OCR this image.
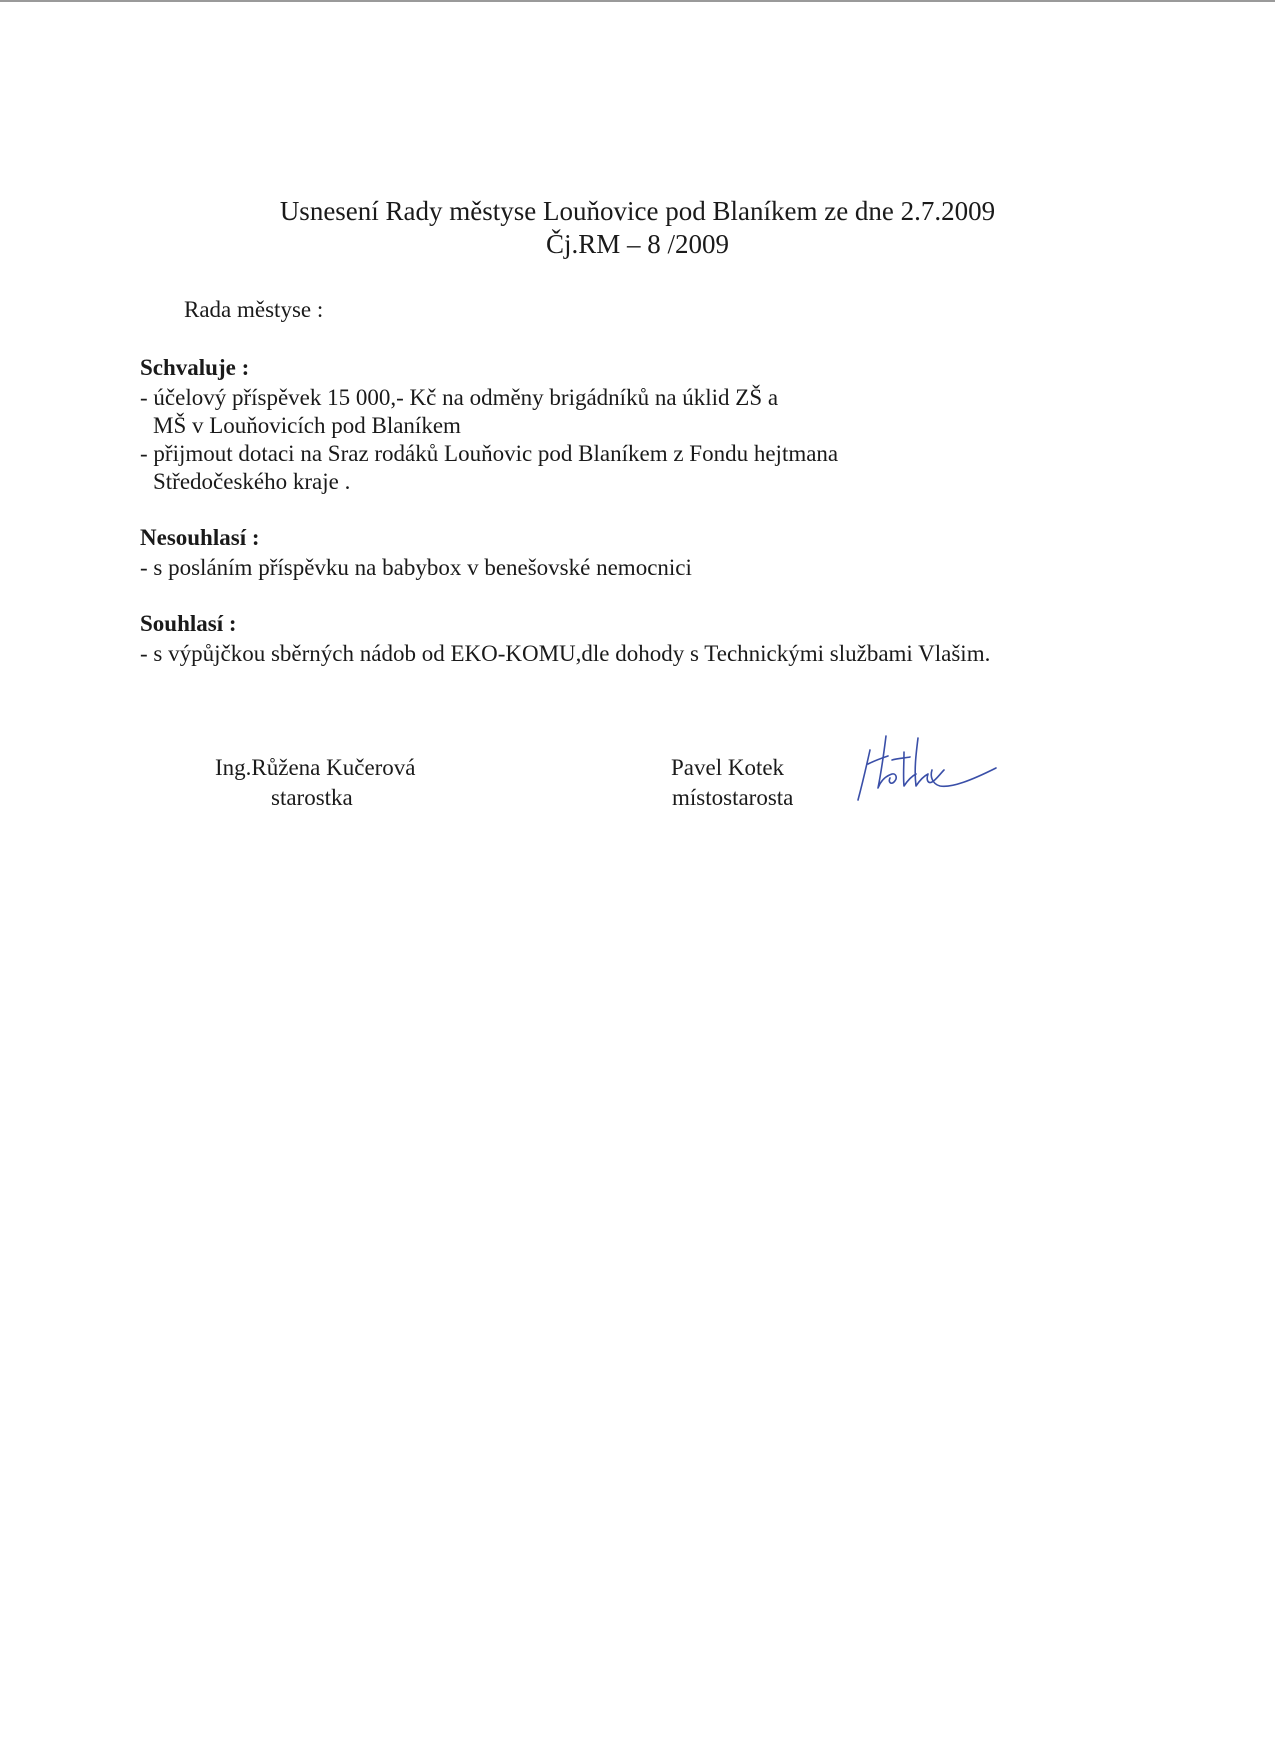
Usnesení Rady městyse Louňovice pod Blaníkem ze dne 2.7.2009
Čj.RM – 8 /2009
Rada městyse :
Schvaluje :
- účelový příspěvek 15 000,- Kč na odměny brigádníků na úklid ZŠ a
MŠ v Louňovicích pod Blaníkem
- přijmout dotaci na Sraz rodáků Louňovic pod Blaníkem z Fondu hejtmana
Středočeského kraje .
Nesouhlasí :
- s posláním příspěvku na babybox v benešovské nemocnici
Souhlasí :
- s výpůjčkou sběrných nádob od EKO-KOMU,dle dohody s Technickými službami Vlašim.
Ing.Růžena Kučerová
starostka
Pavel Kotek
místostarosta
